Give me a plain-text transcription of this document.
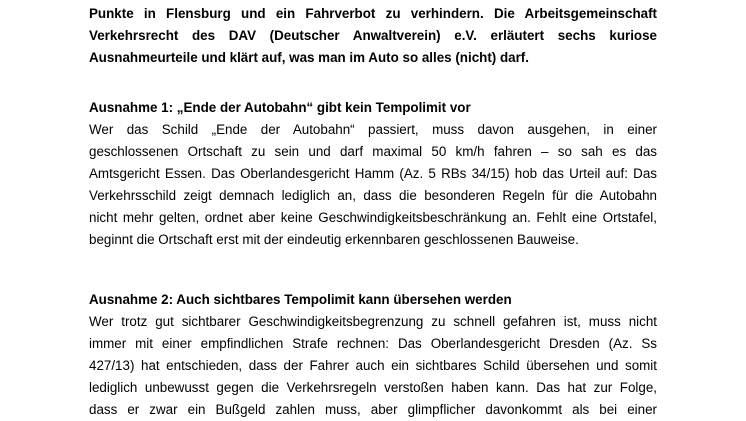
Punkte in Flensburg und ein Fahrverbot zu verhindern. Die Arbeitsgemeinschaft
Verkehrsrecht des DAV (Deutscher Anwaltverein) e.V. erläutert sechs kuriose
Ausnahmeurteile und klärt auf, was man im Auto so alles (nicht) darf.

Ausnahme 1: „Ende der Autobahn“ gibt kein Tempolimit vor

Wer das Schild „Ende der Autobahn“ passiert, muss davon ausgehen, in einer
geschlossenen Ortschaft zu sein und darf maximal 50 km/h fahren – so sah es das
Amtsgericht Essen. Das Oberlandesgericht Hamm (Az. 5 RBs 34/15) hob das Urteil auf: Das
Verkehrsschild zeigt demnach lediglich an, dass die besonderen Regeln für die Autobahn
nicht mehr gelten, ordnet aber keine Geschwindigkeitsbeschränkung an. Fehlt eine Ortstafel,
beginnt die Ortschaft erst mit der eindeutig erkennbaren geschlossenen Bauweise.

Ausnahme 2: Auch sichtbares Tempolimit kann übersehen werden

Wer trotz gut sichtbarer Geschwindigkeitsbegrenzung zu schnell gefahren ist, muss nicht
immer mit einer empfindlichen Strafe rechnen: Das Oberlandesgericht Dresden (Az. Ss
427/13) hat entschieden, dass der Fahrer auch ein sichtbares Schild übersehen und somit
lediglich unbewusst gegen die Verkehrsregeln verstoßen haben kann. Das hat zur Folge,
dass er zwar ein Bußgeld zahlen muss, aber glimpflicher davonkommt als bei einer
